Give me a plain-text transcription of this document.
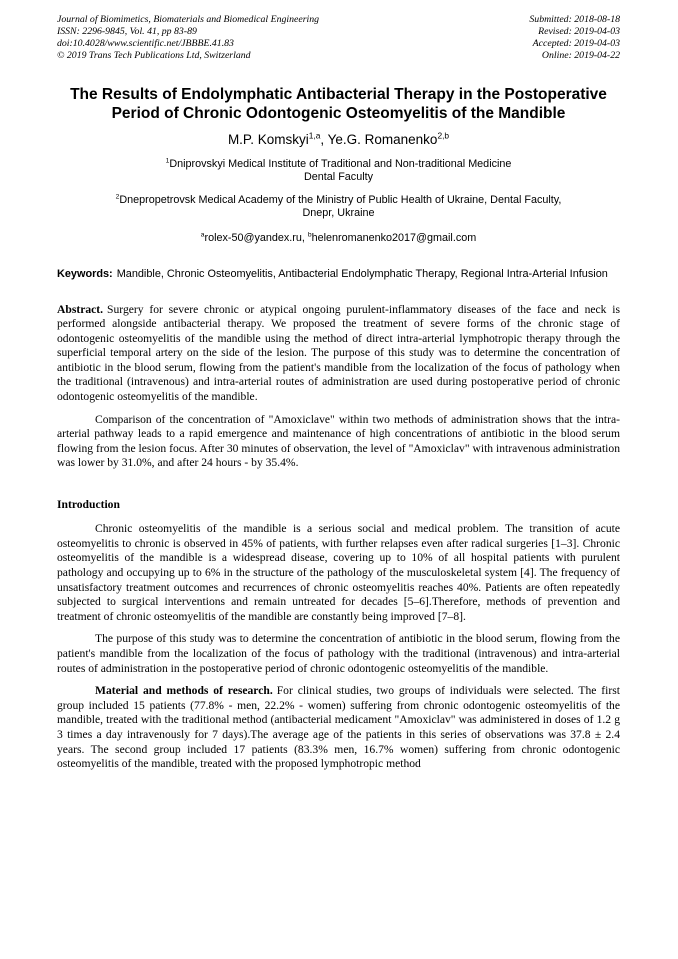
Journal of Biomimetics, Biomaterials and Biomedical Engineering
ISSN: 2296-9845, Vol. 41, pp 83-89
doi:10.4028/www.scientific.net/JBBBE.41.83
© 2019 Trans Tech Publications Ltd, Switzerland
Submitted: 2018-08-18
Revised: 2019-04-03
Accepted: 2019-04-03
Online: 2019-04-22
The Results of Endolymphatic Antibacterial Therapy in the Postoperative Period of Chronic Odontogenic Osteomyelitis of the Mandible
M.P. Komskyi$^{1,a}$, Ye.G. Romanenko$^{2,b}$
$^1$Dniprovskyi Medical Institute of Traditional and Non-traditional Medicine
Dental Faculty
$^2$Dnepropetrovsk Medical Academy of the Ministry of Public Health of Ukraine, Dental Faculty,
Dnepr, Ukraine
$^a$rolex-50@yandex.ru, $^b$helenromanenko2017@gmail.com

Keywords: Mandible, Chronic Osteomyelitis, Antibacterial Endolymphatic Therapy, Regional Intra-Arterial Infusion

Abstract. Surgery for severe chronic or atypical ongoing purulent-inflammatory diseases of the face and neck is performed alongside antibacterial therapy. We proposed the treatment of severe forms of the chronic stage of odontogenic osteomyelitis of the mandible using the method of direct intra-arterial lymphotropic therapy through the superficial temporal artery on the side of the lesion. The purpose of this study was to determine the concentration of antibiotic in the blood serum, flowing from the patient's mandible from the localization of the focus of pathology when the traditional (intravenous) and intra-arterial routes of administration are used during postoperative period of chronic odontogenic osteomyelitis of the mandible.

Comparison of the concentration of "Amoxiclave" within two methods of administration shows that the intra-arterial pathway leads to a rapid emergence and maintenance of high concentrations of antibiotic in the blood serum flowing from the lesion focus. After 30 minutes of observation, the level of "Amoxiclav" with intravenous administration was lower by 31.0%, and after 24 hours - by 35.4%.

Introduction

Chronic osteomyelitis of the mandible is a serious social and medical problem. The transition of acute osteomyelitis to chronic is observed in 45% of patients, with further relapses even after radical surgeries [1–3]. Chronic osteomyelitis of the mandible is a widespread disease, covering up to 10% of all hospital patients with purulent pathology and occupying up to 6% in the structure of the pathology of the musculoskeletal system [4]. The frequency of unsatisfactory treatment outcomes and recurrences of chronic osteomyelitis reaches 40%. Patients are often repeatedly subjected to surgical interventions and remain untreated for decades [5–6].Therefore, methods of prevention and treatment of chronic osteomyelitis of the mandible are constantly being improved [7–8].

The purpose of this study was to determine the concentration of antibiotic in the blood serum, flowing from the patient's mandible from the localization of the focus of pathology with the traditional (intravenous) and intra-arterial routes of administration in the postoperative period of chronic odontogenic osteomyelitis of the mandible.

Material and methods of research. For clinical studies, two groups of individuals were selected. The first group included 15 patients (77.8% - men, 22.2% - women) suffering from chronic odontogenic osteomyelitis of the mandible, treated with the traditional method (antibacterial medicament "Amoxiclav" was administered in doses of 1.2 g 3 times a day intravenously for 7 days).The average age of the patients in this series of observations was 37.8 ± 2.4 years. The second group included 17 patients (83.3% men, 16.7% women) suffering from chronic odontogenic osteomyelitis of the mandible, treated with the proposed lymphotropic method
